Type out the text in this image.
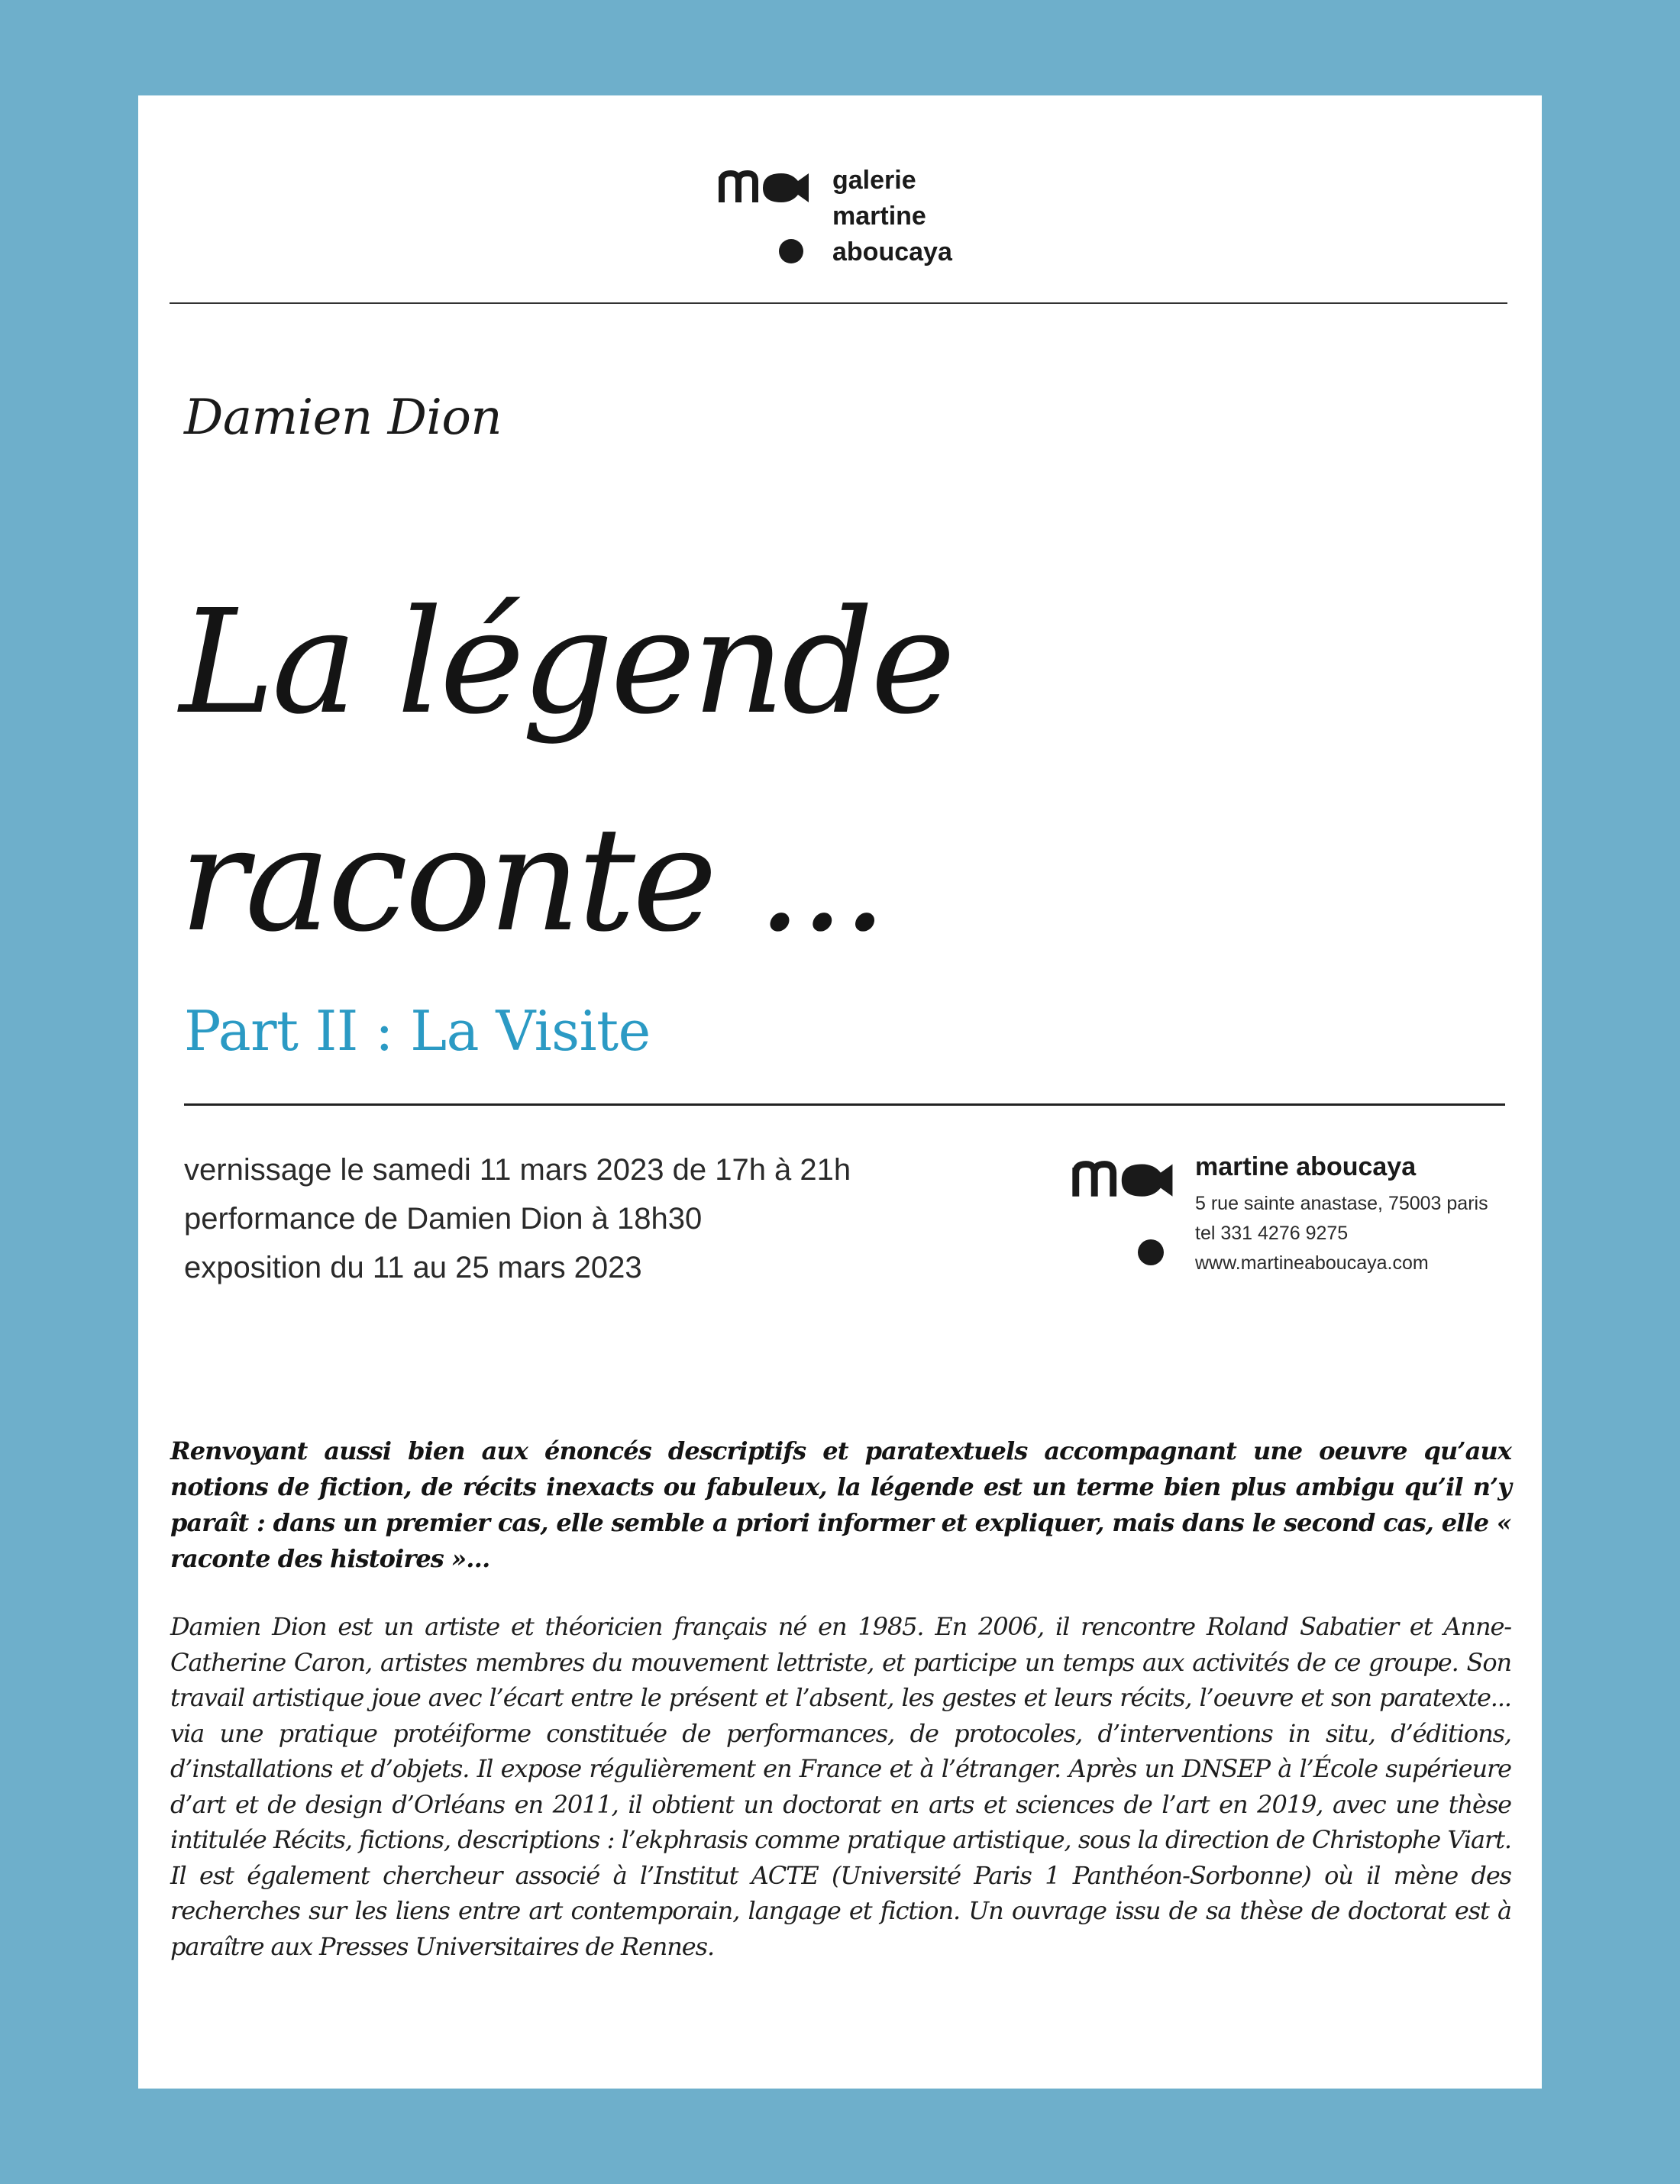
galerie
martine
aboucaya
Damien Dion
La légende
raconte ...
Part II : La Visite
vernissage le samedi 11 mars 2023 de 17h à 21h
performance de Damien Dion à 18h30
exposition du 11 au 25 mars 2023
martine aboucaya
5 rue sainte anastase, 75003 paris
tel 331 4276 9275
www.martineaboucaya.com

Renvoyant aussi bien aux énoncés descriptifs et paratextuels accompagnant une oeuvre qu’aux notions de fiction, de récits inexacts ou fabuleux, la légende est un terme bien plus ambigu qu’il n’y paraît : dans un premier cas, elle semble a priori informer et expliquer, mais dans le second cas, elle « raconte des histoires »…

Damien Dion est un artiste et théoricien français né en 1985. En 2006, il rencontre Roland Sabatier et Anne-Catherine Caron, artistes membres du mouvement lettriste, et participe un temps aux activités de ce groupe. Son travail artistique joue avec l’écart entre le présent et l’absent, les gestes et leurs récits, l’oeuvre et son paratexte... via une pratique protéiforme constituée de performances, de protocoles, d’interventions in situ, d’éditions, d’installations et d’objets. Il expose régulièrement en France et à l’étranger. Après un DNSEP à l’École supérieure d’art et de design d’Orléans en 2011, il obtient un doctorat en arts et sciences de l’art en 2019, avec une thèse intitulée Récits, fictions, descriptions : l’ekphrasis comme pratique artistique, sous la direction de Christophe Viart. Il est également chercheur associé à l’Institut ACTE (Université Paris 1 Panthéon-Sorbonne) où il mène des recherches sur les liens entre art contemporain, langage et fiction. Un ouvrage issu de sa thèse de doctorat est à paraître aux Presses Universitaires de Rennes.
